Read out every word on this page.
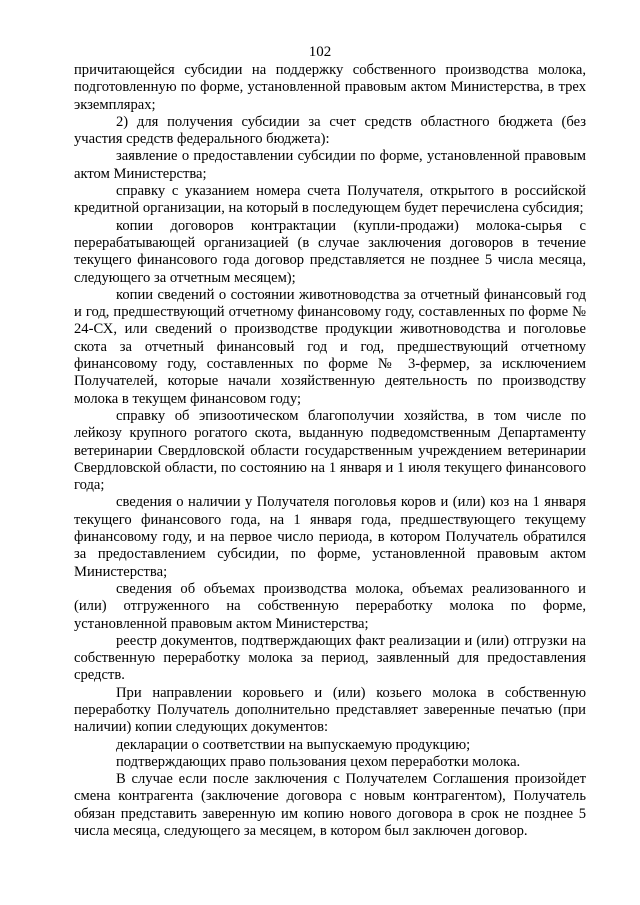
102

причитающейся субсидии на поддержку собственного производства молока, подготовленную по форме, установленной правовым актом Министерства, в трех экземплярах;

2) для получения субсидии за счет средств областного бюджета (без участия средств федерального бюджета):

заявление о предоставлении субсидии по форме, установленной правовым актом Министерства;

справку с указанием номера счета Получателя, открытого в российской кредитной организации, на который в последующем будет перечислена субсидия;

копии договоров контрактации (купли-продажи) молока-сырья с перерабатывающей организацией (в случае заключения договоров в течение текущего финансового года договор представляется не позднее 5 числа месяца, следующего за отчетным месяцем);

копии сведений о состоянии животноводства за отчетный финансовый год и год, предшествующий отчетному финансовому году, составленных по форме № 24-СХ, или сведений о производстве продукции животноводства и поголовье скота за отчетный финансовый год и год, предшествующий отчетному финансовому году, составленных по форме № 3-фермер, за исключением Получателей, которые начали хозяйственную деятельность по производству молока в текущем финансовом году;

справку об эпизоотическом благополучии хозяйства, в том числе по лейкозу крупного рогатого скота, выданную подведомственным Департаменту ветеринарии Свердловской области государственным учреждением ветеринарии Свердловской области, по состоянию на 1 января и 1 июля текущего финансового года;

сведения о наличии у Получателя поголовья коров и (или) коз на 1 января текущего финансового года, на 1 января года, предшествующего текущему финансовому году, и на первое число периода, в котором Получатель обратился за предоставлением субсидии, по форме, установленной правовым актом Министерства;

сведения об объемах производства молока, объемах реализованного и (или) отгруженного на собственную переработку молока по форме, установленной правовым актом Министерства;

реестр документов, подтверждающих факт реализации и (или) отгрузки на собственную переработку молока за период, заявленный для предоставления средств.

При направлении коровьего и (или) козьего молока в собственную переработку Получатель дополнительно представляет заверенные печатью (при наличии) копии следующих документов:

декларации о соответствии на выпускаемую продукцию;

подтверждающих право пользования цехом переработки молока.

В случае если после заключения с Получателем Соглашения произойдет смена контрагента (заключение договора с новым контрагентом), Получатель обязан представить заверенную им копию нового договора в срок не позднее 5 числа месяца, следующего за месяцем, в котором был заключен договор.
